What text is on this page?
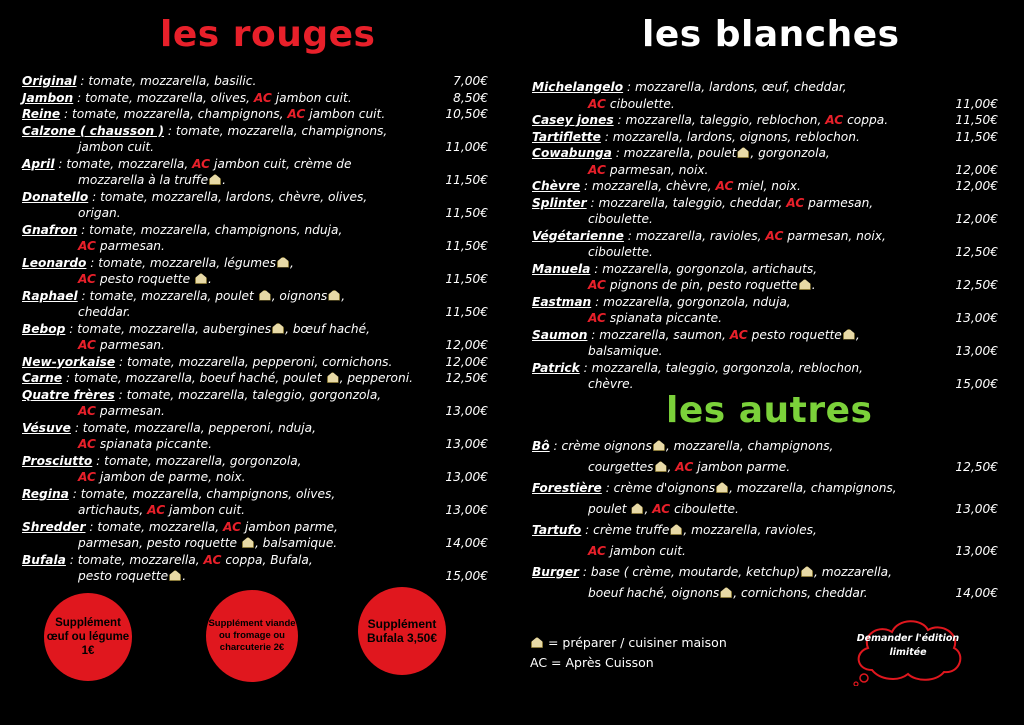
les rouges	les blanches
les autres
Original : tomate, mozzarella, basilic.	7,00€
Jambon : tomate, mozzarella, olives, AC jambon cuit.	8,50€
Reine : tomate, mozzarella, champignons, AC jambon cuit.	10,50€
Calzone ( chausson ) : tomate, mozzarella, champignons,
jambon cuit.	11,00€
April : tomate, mozzarella, AC jambon cuit, crème de
mozzarella à la truffe .	11,50€
Donatello : tomate, mozzarella, lardons, chèvre, olives,
origan.	11,50€
Gnafron : tomate, mozzarella, champignons, nduja,
AC parmesan.	11,50€
Leonardo : tomate, mozzarella, légumes ,
AC pesto roquette .	11,50€
Raphael : tomate, mozzarella, poulet , oignons ,
cheddar.	11,50€
Bebop : tomate, mozzarella, aubergines , bœuf haché,
AC parmesan.	12,00€
New-yorkaise : tomate, mozzarella, pepperoni, cornichons.	12,00€
Carne : tomate, mozzarella, boeuf haché, poulet , pepperoni.	12,50€
Quatre frères : tomate, mozzarella, taleggio, gorgonzola,
AC parmesan.	13,00€
Vésuve : tomate, mozzarella, pepperoni, nduja,
AC spianata piccante.	13,00€
Prosciutto : tomate, mozzarella, gorgonzola,
AC jambon de parme, noix.	13,00€
Regina : tomate, mozzarella, champignons, olives,
artichauts, AC jambon cuit.	13,00€
Shredder : tomate, mozzarella, AC jambon parme,
parmesan, pesto roquette , balsamique.	14,00€
Bufala : tomate, mozzarella, AC coppa, Bufala,
pesto roquette .	15,00€
Michelangelo : mozzarella, lardons, œuf, cheddar,
AC ciboulette.	11,00€
Casey jones : mozzarella, taleggio, reblochon, AC coppa.	11,50€
Tartiflette : mozzarella, lardons, oignons, reblochon.	11,50€
Cowabunga : mozzarella, poulet , gorgonzola,
AC parmesan, noix.	12,00€
Chèvre : mozzarella, chèvre, AC miel, noix.	12,00€
Splinter : mozzarella, taleggio, cheddar, AC parmesan,
ciboulette.	12,00€
Végétarienne : mozzarella, ravioles, AC parmesan, noix,
ciboulette.	12,50€
Manuela : mozzarella, gorgonzola, artichauts,
AC pignons de pin, pesto roquette .	12,50€
Eastman : mozzarella, gorgonzola, nduja,
AC spianata piccante.	13,00€
Saumon : mozzarella, saumon, AC pesto roquette ,
balsamique.	13,00€
Patrick : mozzarella, taleggio, gorgonzola, reblochon,
chèvre.	15,00€
Bô : crème oignons , mozzarella, champignons,
courgettes , AC jambon parme.	12,50€
Forestière : crème d'oignons , mozzarella, champignons,
poulet , AC ciboulette.	13,00€
Tartufo : crème truffe , mozzarella, ravioles,
AC jambon cuit.	13,00€
Burger : base ( crème, moutarde, ketchup) , mozzarella,
boeuf haché, oignons , cornichons, cheddar.	14,00€
Supplément œuf ou légume 1€
Supplément viande ou fromage ou charcuterie 2€
Supplément Bufala 3,50€	= préparer / cuisiner maison
AC = Après Cuisson
Demander l'édition limitée
